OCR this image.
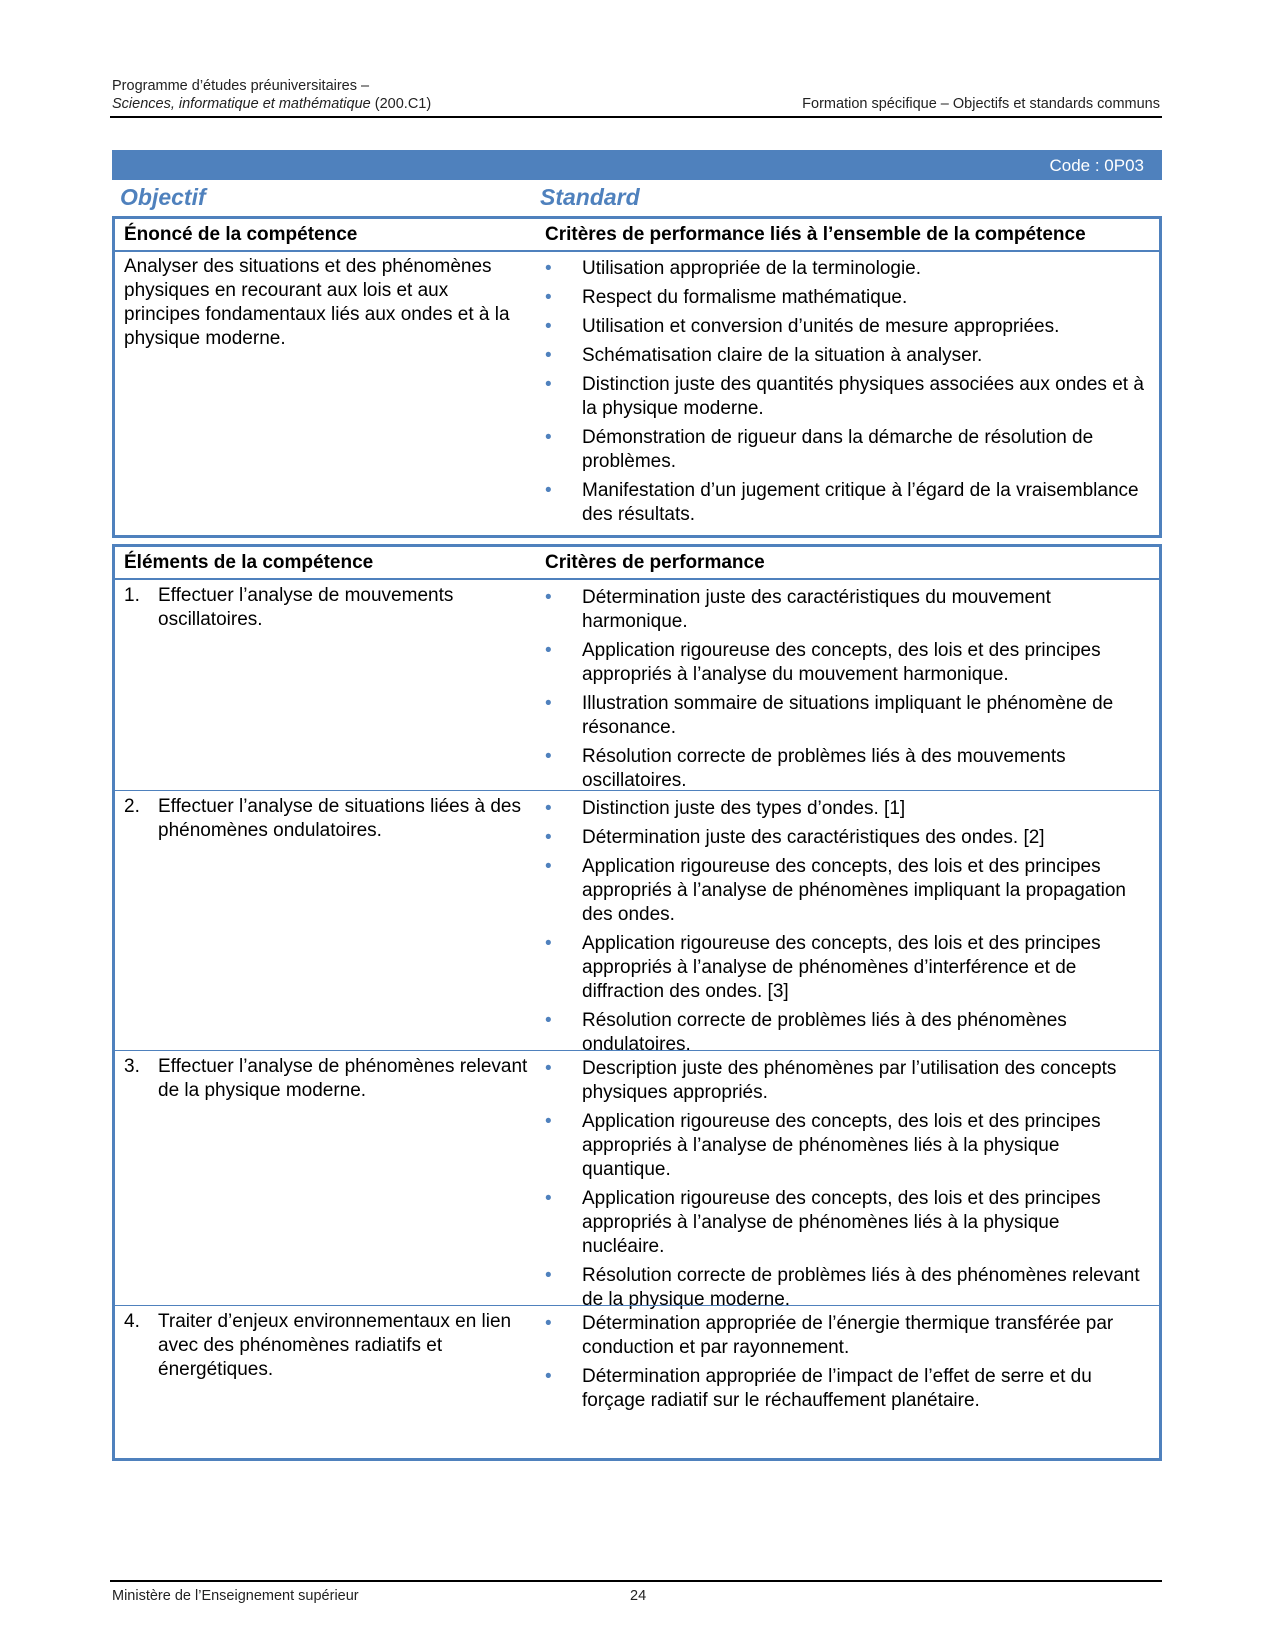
Programme d’études préuniversitaires –
Sciences, informatique et mathématique (200.C1)	Formation spécifique – Objectifs et standards communs
Code : 0P03
Objectif	Standard
Énoncé de la compétence	Critères de performance liés à l’ensemble de la compétence
Analyser des situations et des phénomènes physiques en recourant aux lois et aux principes fondamentaux liés aux ondes et à la physique moderne.
• Utilisation appropriée de la terminologie.
• Respect du formalisme mathématique.
• Utilisation et conversion d’unités de mesure appropriées.
• Schématisation claire de la situation à analyser.
• Distinction juste des quantités physiques associées aux ondes et à la physique moderne.
• Démonstration de rigueur dans la démarche de résolution de problèmes.
• Manifestation d’un jugement critique à l’égard de la vraisemblance des résultats.
Éléments de la compétence	Critères de performance
1. Effectuer l’analyse de mouvements oscillatoires.
• Détermination juste des caractéristiques du mouvement harmonique.
• Application rigoureuse des concepts, des lois et des principes appropriés à l’analyse du mouvement harmonique.
• Illustration sommaire de situations impliquant le phénomène de résonance.
• Résolution correcte de problèmes liés à des mouvements oscillatoires.
2. Effectuer l’analyse de situations liées à des phénomènes ondulatoires.
• Distinction juste des types d’ondes. [1]
• Détermination juste des caractéristiques des ondes. [2]
• Application rigoureuse des concepts, des lois et des principes appropriés à l’analyse de phénomènes impliquant la propagation des ondes.
• Application rigoureuse des concepts, des lois et des principes appropriés à l’analyse de phénomènes d’interférence et de diffraction des ondes. [3]
• Résolution correcte de problèmes liés à des phénomènes ondulatoires.
3. Effectuer l’analyse de phénomènes relevant de la physique moderne.
• Description juste des phénomènes par l’utilisation des concepts physiques appropriés.
• Application rigoureuse des concepts, des lois et des principes appropriés à l’analyse de phénomènes liés à la physique quantique.
• Application rigoureuse des concepts, des lois et des principes appropriés à l’analyse de phénomènes liés à la physique nucléaire.
• Résolution correcte de problèmes liés à des phénomènes relevant de la physique moderne.
4. Traiter d’enjeux environnementaux en lien avec des phénomènes radiatifs et énergétiques.
• Détermination appropriée de l’énergie thermique transférée par conduction et par rayonnement.
• Détermination appropriée de l’impact de l’effet de serre et du forçage radiatif sur le réchauffement planétaire.
Ministère de l’Enseignement supérieur	24
